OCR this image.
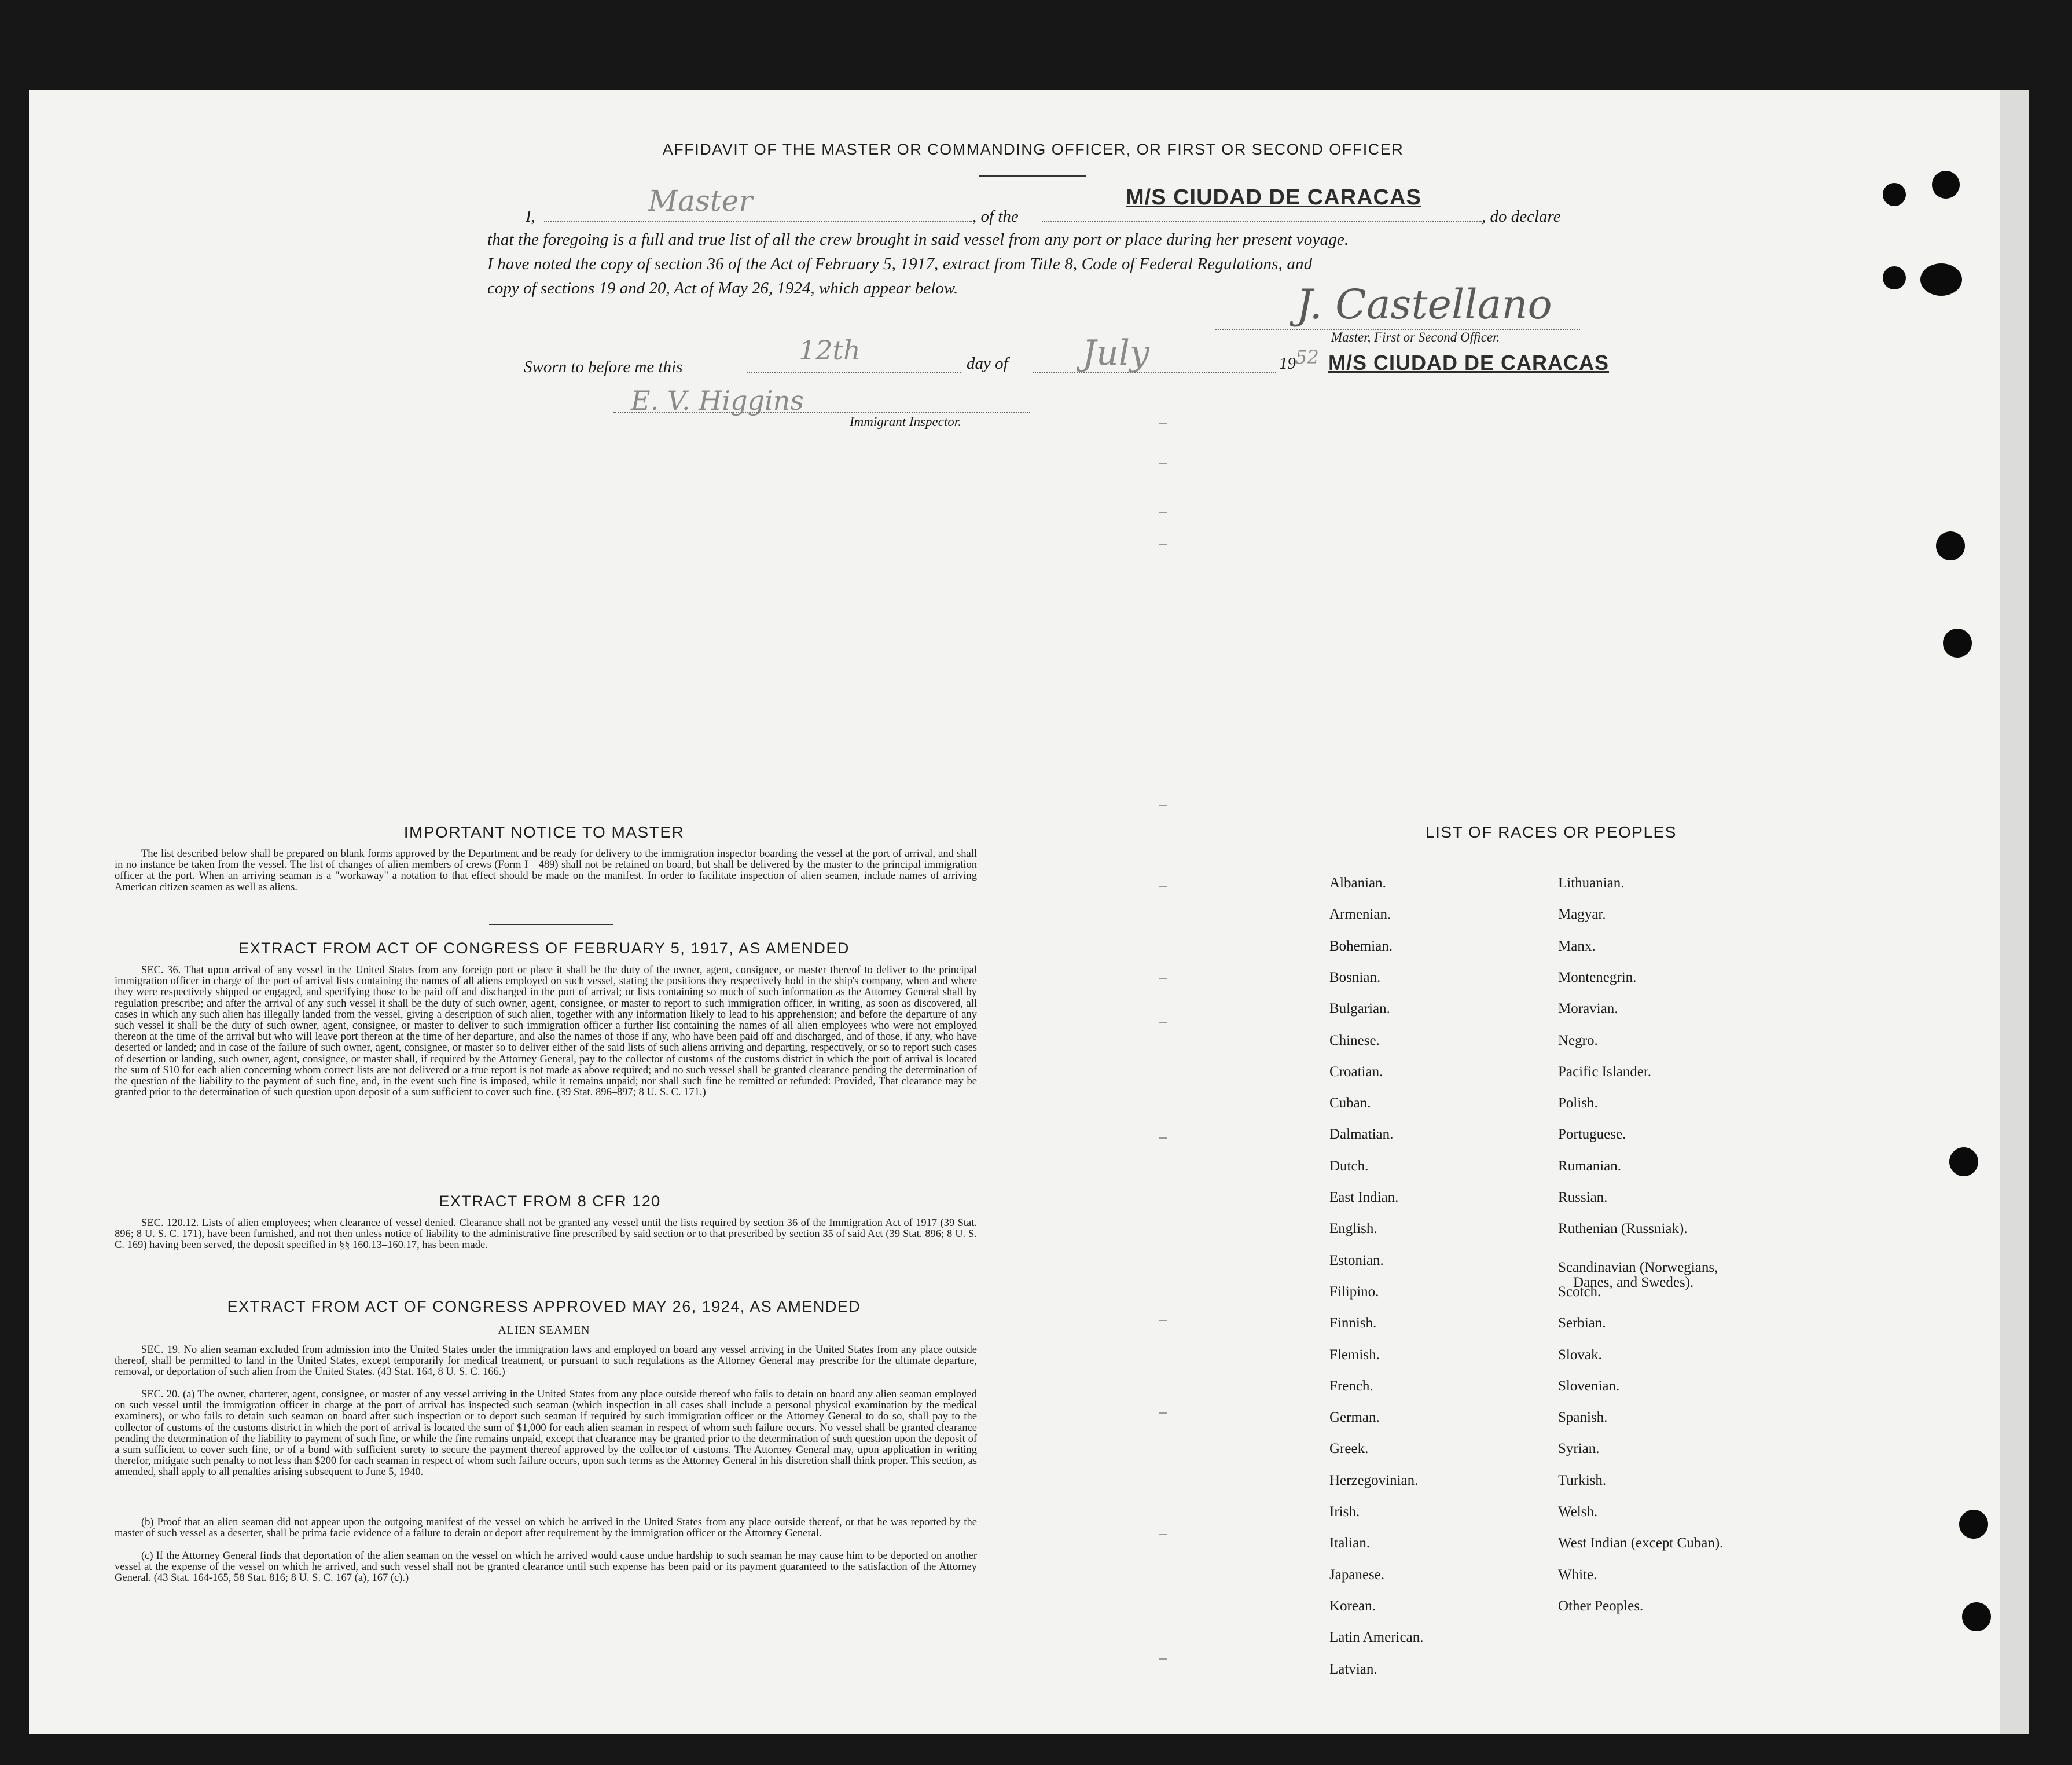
AFFIDAVIT OF THE MASTER OR COMMANDING OFFICER, OR FIRST OR SECOND OFFICER
I,	Master	, of the
M/S CIUDAD DE CARACAS
, do declare
that the foregoing is a full and true list of all the crew brought in said vessel from any port or place during her present voyage.
I have noted the copy of section 36 of the Act of February 5, 1917, extract from Title 8, Code of Federal Regulations, and
copy of sections 19 and 20, Act of May 26, 1924, which appear below.	J. Castellano
Master, First or Second Officer.
Sworn to before me this
12th	day of July	19 52 M/S CIUDAD DE CARACAS
E. V. Higgins
Immigrant Inspector.
IMPORTANT NOTICE TO MASTER
The list described below shall be prepared on blank forms approved by the Department and be ready for delivery to the immigration inspector boarding the vessel at the port of arrival, and shall in no instance be taken from the vessel. The list of changes of alien members of crews (Form I—489) shall not be retained on board, but shall be delivered by the master to the principal immigration officer at the port. When an arriving seaman is a "workaway" a notation to that effect should be made on the manifest. In order to facilitate inspection of alien seamen, include names of arriving American citizen seamen as well as aliens.
EXTRACT FROM ACT OF CONGRESS OF FEBRUARY 5, 1917, AS AMENDED
SEC. 36. That upon arrival of any vessel in the United States from any foreign port or place it shall be the duty of the owner, agent, consignee, or master thereof to deliver to the principal immigration officer in charge of the port of arrival lists containing the names of all aliens employed on such vessel, stating the positions they respectively hold in the ship's company, when and where they were respectively shipped or engaged, and specifying those to be paid off and discharged in the port of arrival; or lists containing so much of such information as the Attorney General shall by regulation prescribe; and after the arrival of any such vessel it shall be the duty of such owner, agent, consignee, or master to report to such immigration officer, in writing, as soon as discovered, all cases in which any such alien has illegally landed from the vessel, giving a description of such alien, together with any information likely to lead to his apprehension; and before the departure of any such vessel it shall be the duty of such owner, agent, consignee, or master to deliver to such immigration officer a further list containing the names of all alien employees who were not employed thereon at the time of the arrival but who will leave port thereon at the time of her departure, and also the names of those if any, who have been paid off and discharged, and of those, if any, who have deserted or landed; and in case of the failure of such owner, agent, consignee, or master so to deliver either of the said lists of such aliens arriving and departing, respectively, or so to report such cases of desertion or landing, such owner, agent, consignee, or master shall, if required by the Attorney General, pay to the collector of customs of the customs district in which the port of arrival is located the sum of $10 for each alien concerning whom correct lists are not delivered or a true report is not made as above required; and no such vessel shall be granted clearance pending the determination of the question of the liability to the payment of such fine, and, in the event such fine is imposed, while it remains unpaid; nor shall such fine be remitted or refunded: Provided, That clearance may be granted prior to the determination of such question upon deposit of a sum sufficient to cover such fine. (39 Stat. 896–897; 8 U. S. C. 171.)
EXTRACT FROM 8 CFR 120
SEC. 120.12. Lists of alien employees; when clearance of vessel denied. Clearance shall not be granted any vessel until the lists required by section 36 of the Immigration Act of 1917 (39 Stat. 896; 8 U. S. C. 171), have been furnished, and not then unless notice of liability to the administrative fine prescribed by said section or to that prescribed by section 35 of said Act (39 Stat. 896; 8 U. S. C. 169) having been served, the deposit specified in §§ 160.13–160.17, has been made.
EXTRACT FROM ACT OF CONGRESS APPROVED MAY 26, 1924, AS AMENDED
ALIEN SEAMEN
SEC. 19. No alien seaman excluded from admission into the United States under the immigration laws and employed on board any vessel arriving in the United States from any place outside thereof, shall be permitted to land in the United States, except temporarily for medical treatment, or pursuant to such regulations as the Attorney General may prescribe for the ultimate departure, removal, or deportation of such alien from the United States. (43 Stat. 164, 8 U. S. C. 166.)
SEC. 20. (a) The owner, charterer, agent, consignee, or master of any vessel arriving in the United States from any place outside thereof who fails to detain on board any alien seaman employed on such vessel until the immigration officer in charge at the port of arrival has inspected such seaman (which inspection in all cases shall include a personal physical examination by the medical examiners), or who fails to detain such seaman on board after such inspection or to deport such seaman if required by such immigration officer or the Attorney General to do so, shall pay to the collector of customs of the customs district in which the port of arrival is located the sum of $1,000 for each alien seaman in respect of whom such failure occurs. No vessel shall be granted clearance pending the determination of the liability to payment of such fine, or while the fine remains unpaid, except that clearance may be granted prior to the determination of such question upon the deposit of a sum sufficient to cover such fine, or of a bond with sufficient surety to secure the payment thereof approved by the collector of customs. The Attorney General may, upon application in writing therefor, mitigate such penalty to not less than $200 for each seaman in respect of whom such failure occurs, upon such terms as the Attorney General in his discretion shall think proper. This section, as amended, shall apply to all penalties arising subsequent to June 5, 1940.
(b) Proof that an alien seaman did not appear upon the outgoing manifest of the vessel on which he arrived in the United States from any place outside thereof, or that he was reported by the master of such vessel as a deserter, shall be prima facie evidence of a failure to detain or deport after requirement by the immigration officer or the Attorney General.
(c) If the Attorney General finds that deportation of the alien seaman on the vessel on which he arrived would cause undue hardship to such seaman he may cause him to be deported on another vessel at the expense of the vessel on which he arrived, and such vessel shall not be granted clearance until such expense has been paid or its payment guaranteed to the satisfaction of the Attorney General. (43 Stat. 164-165, 58 Stat. 816; 8 U. S. C. 167 (a), 167 (c).)
LIST OF RACES OR PEOPLES
Albanian.
Armenian.
Bohemian.
Bosnian.
Bulgarian.
Chinese.
Croatian.
Cuban.
Dalmatian.
Dutch.
East Indian.
English.
Estonian.
Filipino.
Finnish.
Flemish.
French.
German.
Greek.
Herzegovinian.
Irish.
Italian.
Japanese.
Korean.
Latin American.
Latvian.
Lithuanian.
Magyar.
Manx.
Montenegrin.
Moravian.
Negro.
Pacific Islander.
Polish.
Portuguese.
Rumanian.
Russian.
Ruthenian (Russniak).
Scandinavian (Norwegians,
Danes, and Swedes).
Scotch.
Serbian.
Slovak.
Slovenian.
Spanish.
Syrian.
Turkish.
Welsh.
West Indian (except Cuban).
White.
Other Peoples.
